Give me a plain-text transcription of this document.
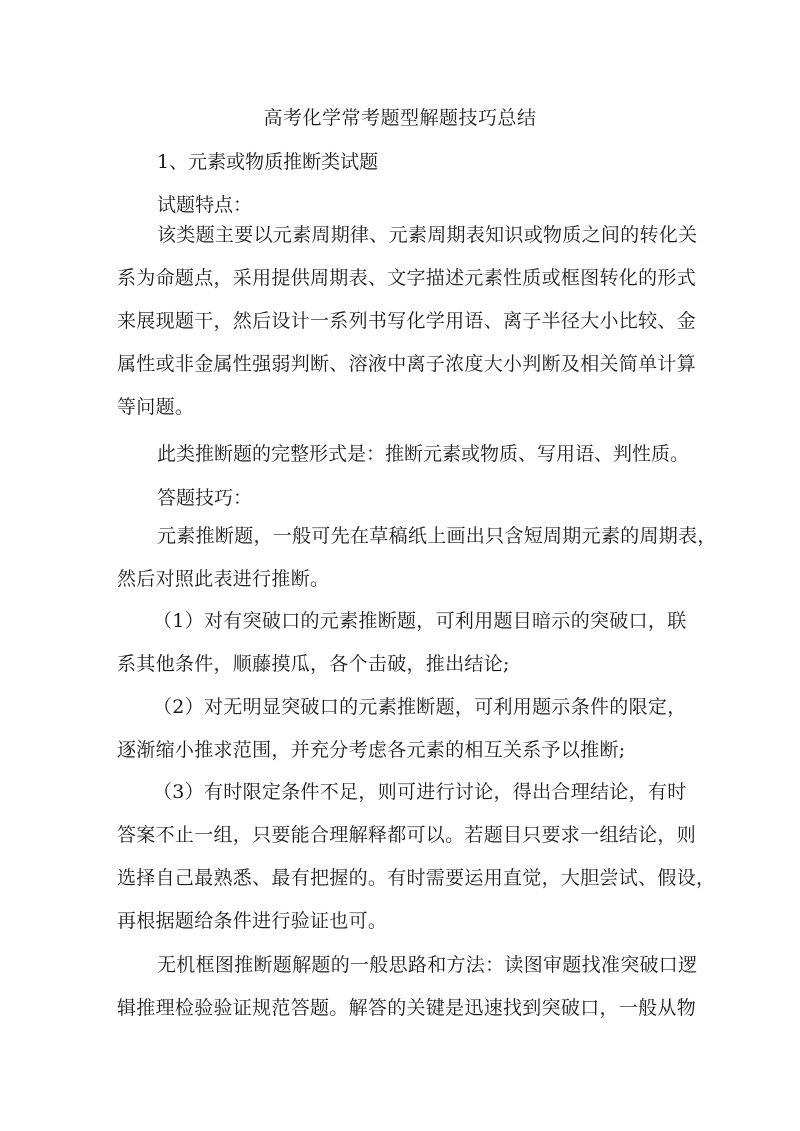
高考化学常考题型解题技巧总结
1、元素或物质推断类试题
试题特点：
该类题主要以元素周期律、元素周期表知识或物质之间的转化关
系为命题点，采用提供周期表、文字描述元素性质或框图转化的形式
来展现题干，然后设计一系列书写化学用语、离子半径大小比较、金
属性或非金属性强弱判断、溶液中离子浓度大小判断及相关简单计算
等问题。
此类推断题的完整形式是：推断元素或物质、写用语、判性质。
答题技巧：
元素推断题，一般可先在草稿纸上画出只含短周期元素的周期表，
然后对照此表进行推断。
（1）对有突破口的元素推断题，可利用题目暗示的突破口，联
系其他条件，顺藤摸瓜，各个击破，推出结论;
（2）对无明显突破口的元素推断题，可利用题示条件的限定，
逐渐缩小推求范围，并充分考虑各元素的相互关系予以推断;
（3）有时限定条件不足，则可进行讨论，得出合理结论，有时
答案不止一组，只要能合理解释都可以。若题目只要求一组结论，则
选择自己最熟悉、最有把握的。有时需要运用直觉，大胆尝试、假设，
再根据题给条件进行验证也可。
无机框图推断题解题的一般思路和方法：读图审题找准突破口逻
辑推理检验验证规范答题。解答的关键是迅速找到突破口，一般从物
